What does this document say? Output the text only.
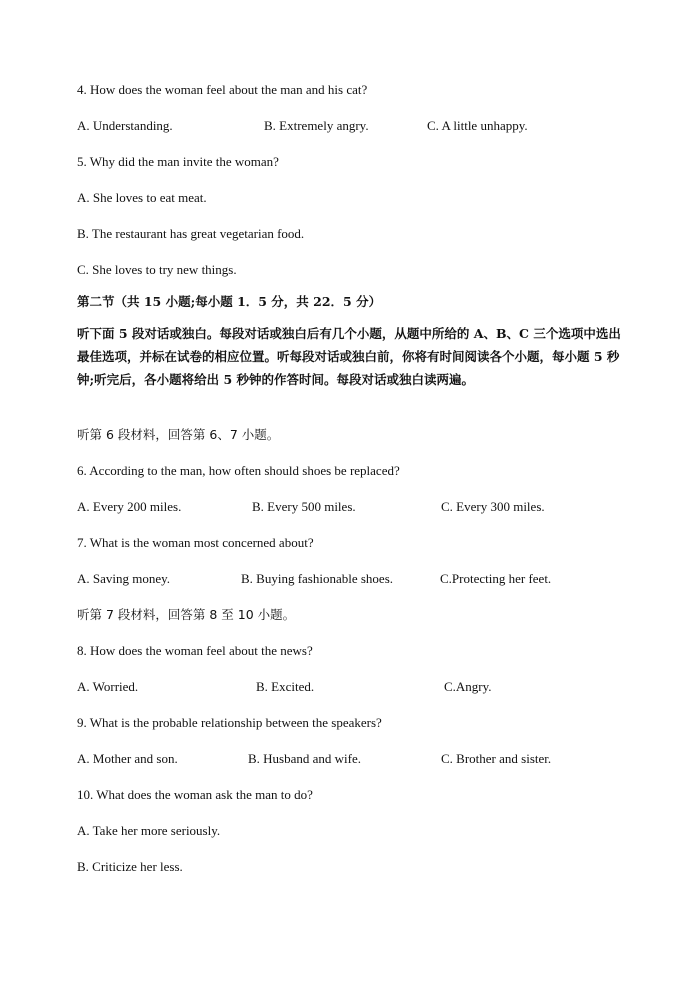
4. How does the woman feel about the man and his cat?
A. Understanding.	B. Extremely angry.	C. A little unhappy.
5. Why did the man invite the woman?
A. She loves to eat meat.
B. The restaurant has great vegetarian food.
C. She loves to try new things.
第二节（共 15 小题;每小题 1．5 分，共 22．5 分）
听下面 5 段对话或独白。每段对话或独白后有几个小题，从题中所给的 A、B、C 三个选项中选出最佳选项，并标在试卷的相应位置。听每段对话或独白前，你将有时间阅读各个小题，每小题 5 秒钟;听完后，各小题将给出 5 秒钟的作答时间。每段对话或独白读两遍。
听第 6 段材料，回答第 6、7 小题。
6. According to the man, how often should shoes be replaced?
A. Every 200 miles.	B. Every 500 miles.	C. Every 300 miles.
7. What is the woman most concerned about?
A. Saving money.	B. Buying fashionable shoes.	C.Protecting her feet.
听第 7 段材料，回答第 8 至 10 小题。
8. How does the woman feel about the news?
A. Worried.	B. Excited.	C.Angry.
9. What is the probable relationship between the speakers?
A. Mother and son.	B. Husband and wife.	C. Brother and sister.
10. What does the woman ask the man to do?
A. Take her more seriously.
B. Criticize her less.
